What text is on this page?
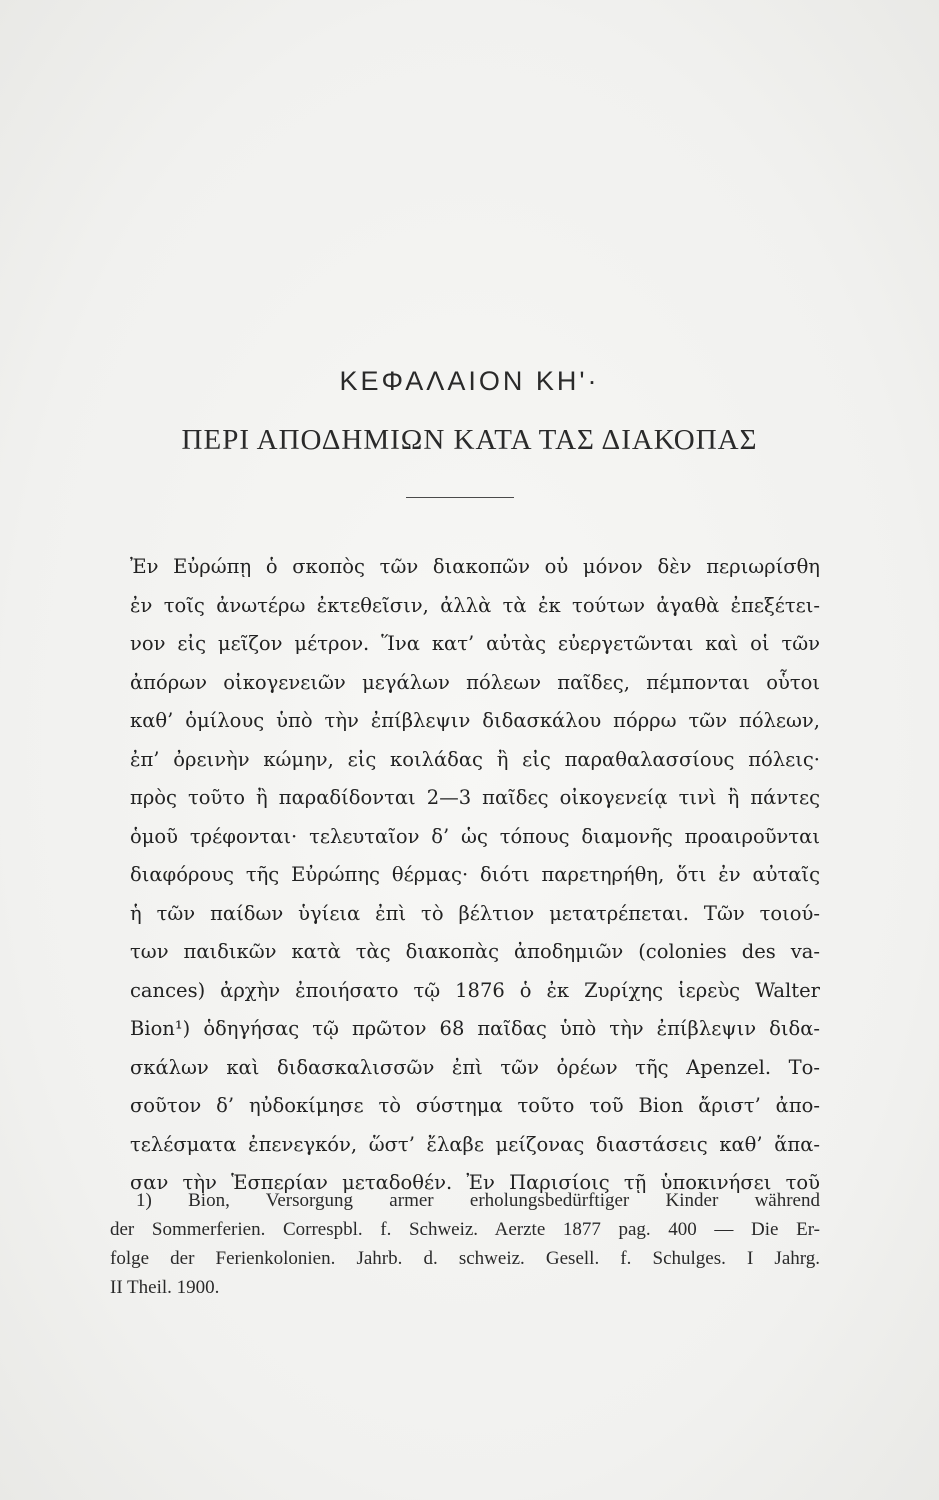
ΚΕΦΑΛΑΙΟΝ ΚΗʹ·
ΠΕΡΙ ΑΠΟΔΗΜΙΩΝ ΚΑΤΑ ΤΑΣ ΔΙΑΚΟΠΑΣ
Ἐν Εὐρώπῃ ὁ σκοπὸς τῶν διακοπῶν οὐ μόνον δὲν περιωρίσθη
ἐν τοῖς ἀνωτέρω ἐκτεθεῖσιν, ἀλλὰ τὰ ἐκ τούτων ἀγαθὰ ἐπεξέτει-
νον εἰς μεῖζον μέτρον. Ἵνα κατ’ αὐτὰς εὐεργετῶνται καὶ οἱ τῶν
ἀπόρων οἰκογενειῶν μεγάλων πόλεων παῖδες, πέμπονται οὗτοι
καθ’ ὁμίλους ὑπὸ τὴν ἐπίβλεψιν διδασκάλου πόρρω τῶν πόλεων,
ἐπ’ ὀρεινὴν κώμην, εἰς κοιλάδας ἢ εἰς παραθαλασσίους πόλεις·
πρὸς τοῦτο ἢ παραδίδονται 2—3 παῖδες οἰκογενείᾳ τινὶ ἢ πάντες
ὁμοῦ τρέφονται· τελευταῖον δ’ ὡς τόπους διαμονῆς προαιροῦνται
διαφόρους τῆς Εὐρώπης θέρμας· διότι παρετηρήθη, ὅτι ἐν αὐταῖς
ἡ τῶν παίδων ὑγίεια ἐπὶ τὸ βέλτιον μετατρέπεται. Τῶν τοιού-
των παιδικῶν κατὰ τὰς διακοπὰς ἀποδημιῶν (colonies des va-
cances) ἀρχὴν ἐποιήσατο τῷ 1876 ὁ ἐκ Ζυρίχης ἱερεὺς Walter
Bion¹) ὁδηγήσας τῷ πρῶτον 68 παῖδας ὑπὸ τὴν ἐπίβλεψιν διδα-
σκάλων καὶ διδασκαλισσῶν ἐπὶ τῶν ὀρέων τῆς Apenzel. Το-
σοῦτον δ’ ηὐδοκίμησε τὸ σύστημα τοῦτο τοῦ Bion ἄριστ’ ἀπο-
τελέσματα ἐπενεγκόν, ὥστ’ ἔλαβε μείζονας διαστάσεις καθ’ ἅπα-
σαν τὴν Ἑσπερίαν μεταδοθέν. Ἐν Παρισίοις τῇ ὑποκινήσει τοῦ
1) Bion, Versorgung armer erholungsbedürftiger Kinder während
der Sommerferien. Correspbl. f. Schweiz. Aerzte 1877 pag. 400 — Die Er-
folge der Ferienkolonien. Jahrb. d. schweiz. Gesell. f. Schulges. I Jahrg.
II Theil. 1900.
